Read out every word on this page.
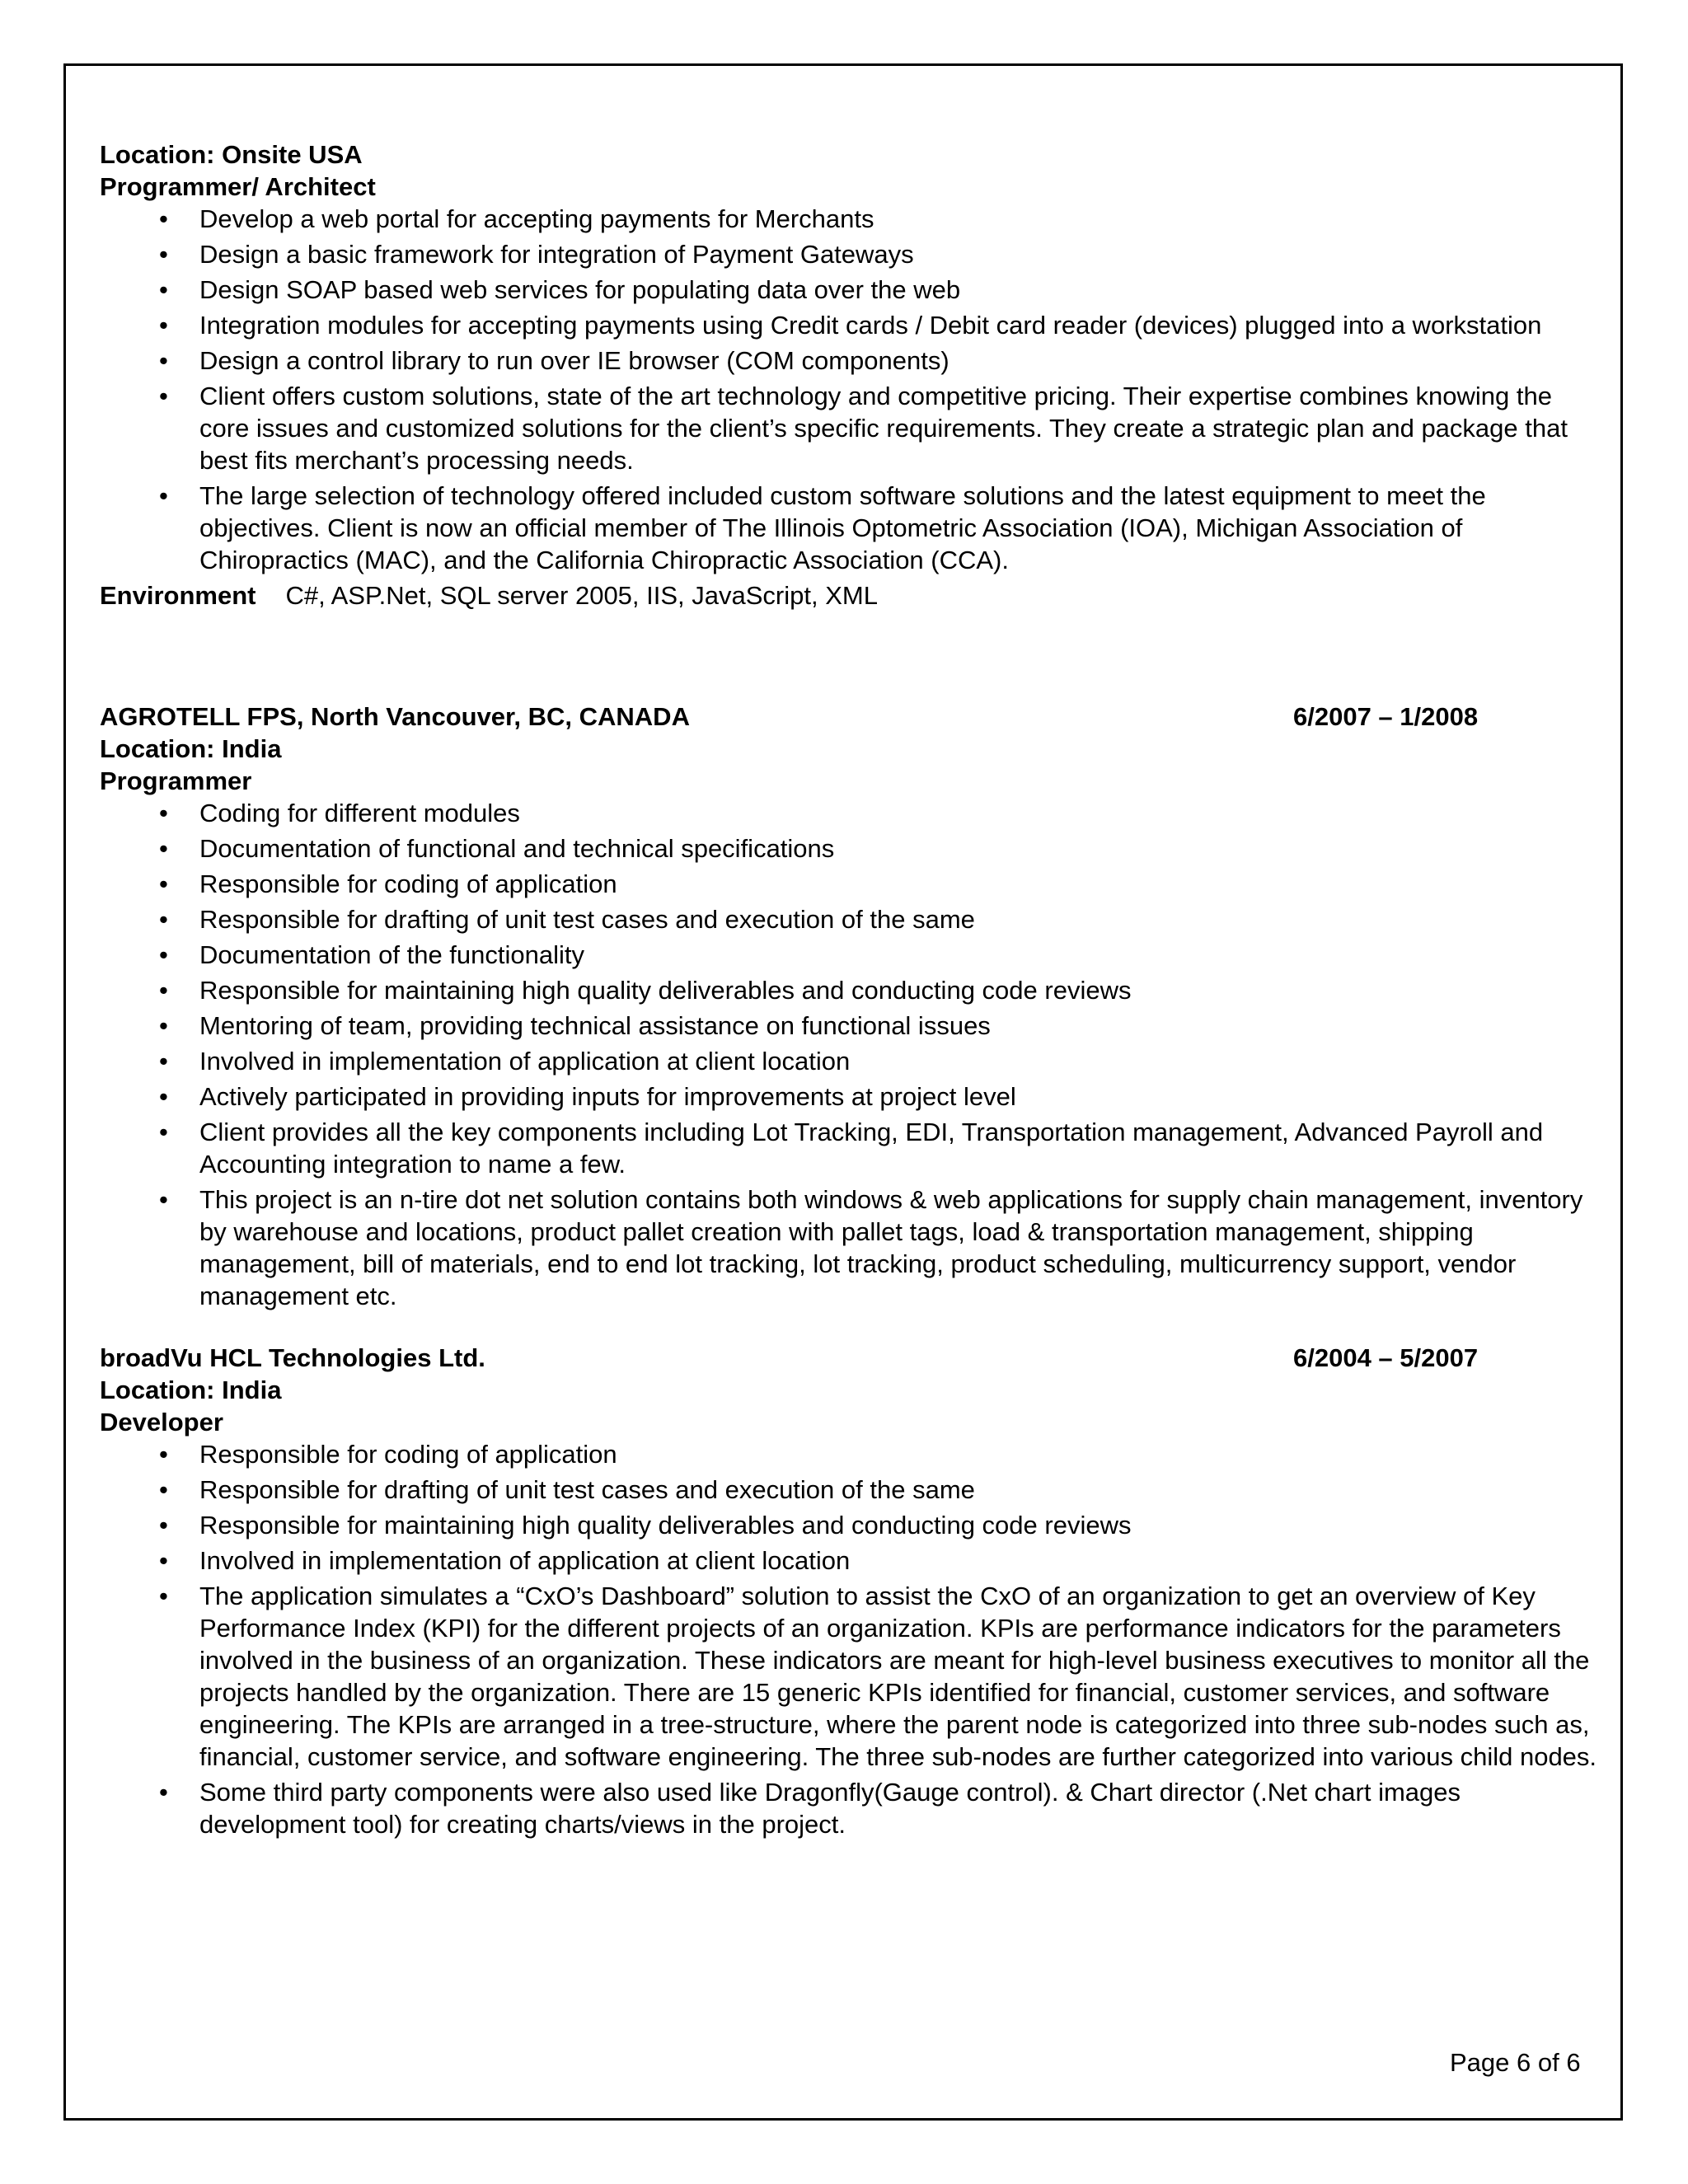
Location: Onsite USA
Programmer/ Architect
• Develop a web portal for accepting payments for Merchants
• Design a basic framework for integration of Payment Gateways
• Design SOAP based web services for populating data over the web
• Integration modules for accepting payments using Credit cards / Debit card reader (devices) plugged into a workstation
• Design a control library to run over IE browser (COM components)
• Client offers custom solutions, state of the art technology and competitive pricing. Their expertise combines knowing the core issues and customized solutions for the client’s specific requirements. They create a strategic plan and package that best fits merchant’s processing needs.
• The large selection of technology offered included custom software solutions and the latest equipment to meet the objectives. Client is now an official member of The Illinois Optometric Association (IOA), Michigan Association of Chiropractics (MAC), and the California Chiropractic Association (CCA).
Environment C#, ASP.Net, SQL server 2005, IIS, JavaScript, XML
AGROTELL FPS, North Vancouver, BC, CANADA	6/2007 – 1/2008
Location: India
Programmer
• Coding for different modules
• Documentation of functional and technical specifications
• Responsible for coding of application
• Responsible for drafting of unit test cases and execution of the same
• Documentation of the functionality
• Responsible for maintaining high quality deliverables and conducting code reviews
• Mentoring of team, providing technical assistance on functional issues
• Involved in implementation of application at client location
• Actively participated in providing inputs for improvements at project level
• Client provides all the key components including Lot Tracking, EDI, Transportation management, Advanced Payroll and Accounting integration to name a few.
• This project is an n-tire dot net solution contains both windows & web applications for supply chain management, inventory by warehouse and locations, product pallet creation with pallet tags, load & transportation management, shipping management, bill of materials, end to end lot tracking, lot tracking, product scheduling, multicurrency support, vendor management etc.
broadVu HCL Technologies Ltd.	6/2004 – 5/2007
Location: India
Developer
• Responsible for coding of application
• Responsible for drafting of unit test cases and execution of the same
• Responsible for maintaining high quality deliverables and conducting code reviews
• Involved in implementation of application at client location
• The application simulates a “CxO’s Dashboard” solution to assist the CxO of an organization to get an overview of Key Performance Index (KPI) for the different projects of an organization. KPIs are performance indicators for the parameters involved in the business of an organization. These indicators are meant for high-level business executives to monitor all the projects handled by the organization. There are 15 generic KPIs identified for financial, customer services, and software engineering. The KPIs are arranged in a tree-structure, where the parent node is categorized into three sub-nodes such as, financial, customer service, and software engineering. The three sub-nodes are further categorized into various child nodes.
• Some third party components were also used like Dragonfly(Gauge control). & Chart director (.Net chart images development tool) for creating charts/views in the project.
Page 6 of 6
